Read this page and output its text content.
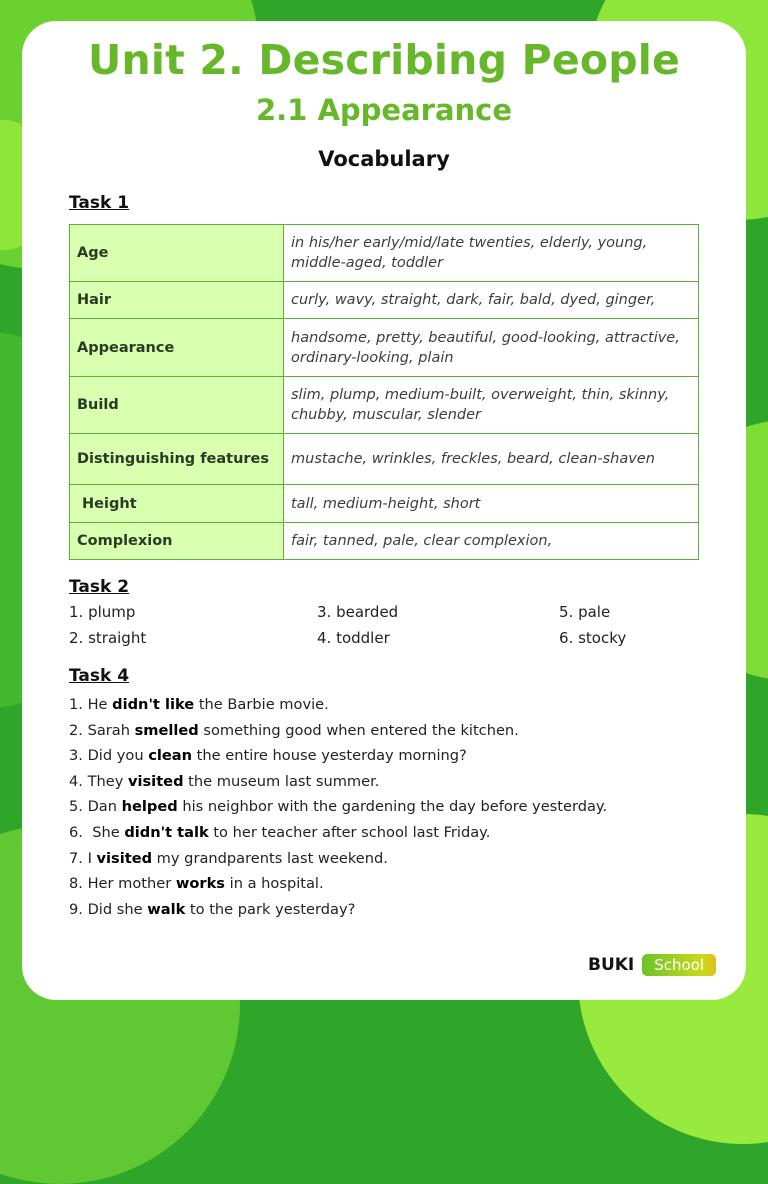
Unit 2. Describing People
2.1 Appearance
Vocabulary
Task 1
Age	in his/her early/mid/late twenties, elderly, young, middle-aged, toddler
Hair	curly, wavy, straight, dark, fair, bald, dyed, ginger,
Appearance	handsome, pretty, beautiful, good-looking, attractive, ordinary-looking, plain
Build	slim, plump, medium-built, overweight, thin, skinny, chubby, muscular, slender
Distinguishing features	mustache, wrinkles, freckles, beard, clean-shaven
Height	tall, medium-height, short
Complexion	fair, tanned, pale, clear complexion,
Task 2
1. plump
2. straight
3. bearded
4. toddler
5. pale
6. stocky
Task 4
1. He didn't like the Barbie movie.
2. Sarah smelled something good when entered the kitchen.
3. Did you clean the entire house yesterday morning?
4. They visited the museum last summer.
5. Dan helped his neighbor with the gardening the day before yesterday.
6.  She didn't talk to her teacher after school last Friday.
7. I visited my grandparents last weekend.
8. Her mother works in a hospital.
9. Did she walk to the park yesterday?
BUKI	School
